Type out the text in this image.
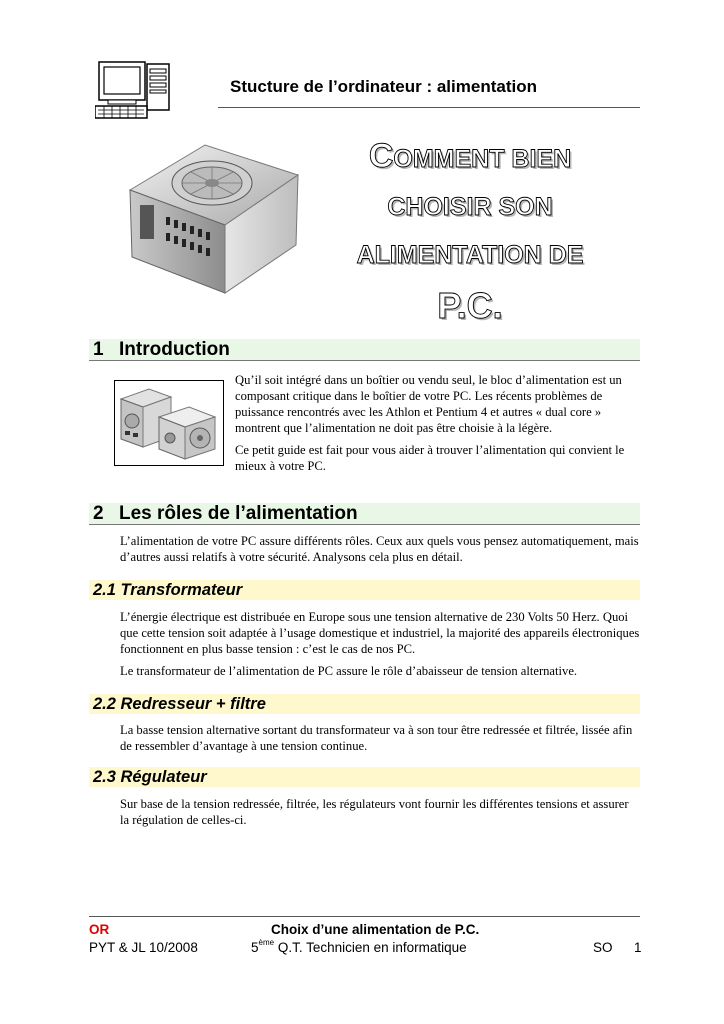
Stucture de l’ordinateur : alimentation
COMMENT BIEN
CHOISIR SON
ALIMENTATION DE
P.C.
1 Introduction

Qu’il soit intégré dans un boîtier ou vendu seul, le bloc d’alimentation est un composant critique dans le boîtier de votre PC. Les récents problèmes de puissance rencontrés avec les Athlon et Pentium 4 et autres « dual core » montrent que l’alimentation ne doit pas être choisie à la légère.

Ce petit guide est fait pour vous aider à trouver l’alimentation qui convient le mieux à votre PC.

2 Les rôles de l’alimentation

L’alimentation de votre PC assure différents rôles. Ceux aux quels vous pensez automatiquement, mais d’autres aussi relatifs à votre sécurité. Analysons cela plus en détail.

2.1 Transformateur

L’énergie électrique est distribuée en Europe sous une tension alternative de 230 Volts 50 Herz. Quoi que cette tension soit adaptée à l’usage domestique et industriel, la majorité des appareils électroniques fonctionnent en plus basse tension : c’est le cas de nos PC.

Le transformateur de l’alimentation de PC assure le rôle d’abaisseur de tension alternative.

2.2 Redresseur + filtre

La basse tension alternative sortant du transformateur va à son tour être redressée et filtrée, lissée afin de ressembler d’avantage à une tension continue.

2.3 Régulateur

Sur base de la tension redressée, filtrée, les régulateurs vont fournir les différentes tensions et assurer la régulation de celles-ci.

OR
PYT & JL 10/2008
Choix d’une alimentation de P.C.
5ème Q.T. Technicien en informatique	SO 1
